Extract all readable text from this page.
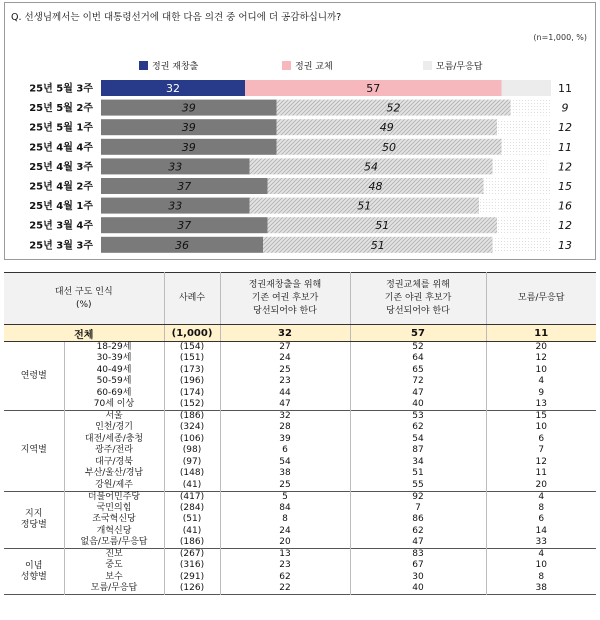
Q. 선생님께서는 이번 대통령선거에 대한 다음 의견 중 어디에 더 공감하십니까?
(n=1,000, %)
정권 재창출	정권 교체	모름/무응답
25년 5월 3주	32	57	11
25년 5월 2주	39	52	9
25년 5월 1주	39	49	12
25년 4월 4주	39	50	11
25년 4월 3주	33	54	12
25년 4월 2주	37	48	15
25년 4월 1주	33	51	16
25년 3월 4주	37	51	12
25년 3월 3주	36	51	13
대선 구도 인식
(%)		사례수	정권재창출을 위해
기존 여권 후보가
당선되어야 한다	정권교체를 위해
기존 야권 후보가
당선되어야 한다	모름/무응답
전체		(1,000)	32	57	11
연령별	18-29세	(154)	27	52	20
	30-39세	(151)	24	64	12
	40-49세	(173)	25	65	10
	50-59세	(196)	23	72	4
	60-69세	(174)	44	47	9
	70세 이상	(152)	47	40	13
지역별	서울	(186)	32	53	15
	인천/경기	(324)	28	62	10
	대전/세종/충청	(106)	39	54	6
	광주/전라	(98)	6	87	7
	대구/경북	(97)	54	34	12
	부산/울산/경남	(148)	38	51	11
	강원/제주	(41)	25	55	20
지지
정당별	더불어민주당	(417)	5	92	4
	국민의힘	(284)	84	7	8
	조국혁신당	(51)	8	86	6
	개혁신당	(41)	24	62	14
	없음/모름/무응답	(186)	20	47	33
이념
성향별	진보	(267)	13	83	4
	중도	(316)	23	67	10
	보수	(291)	62	30	8
	모름/무응답	(126)	22	40	38
